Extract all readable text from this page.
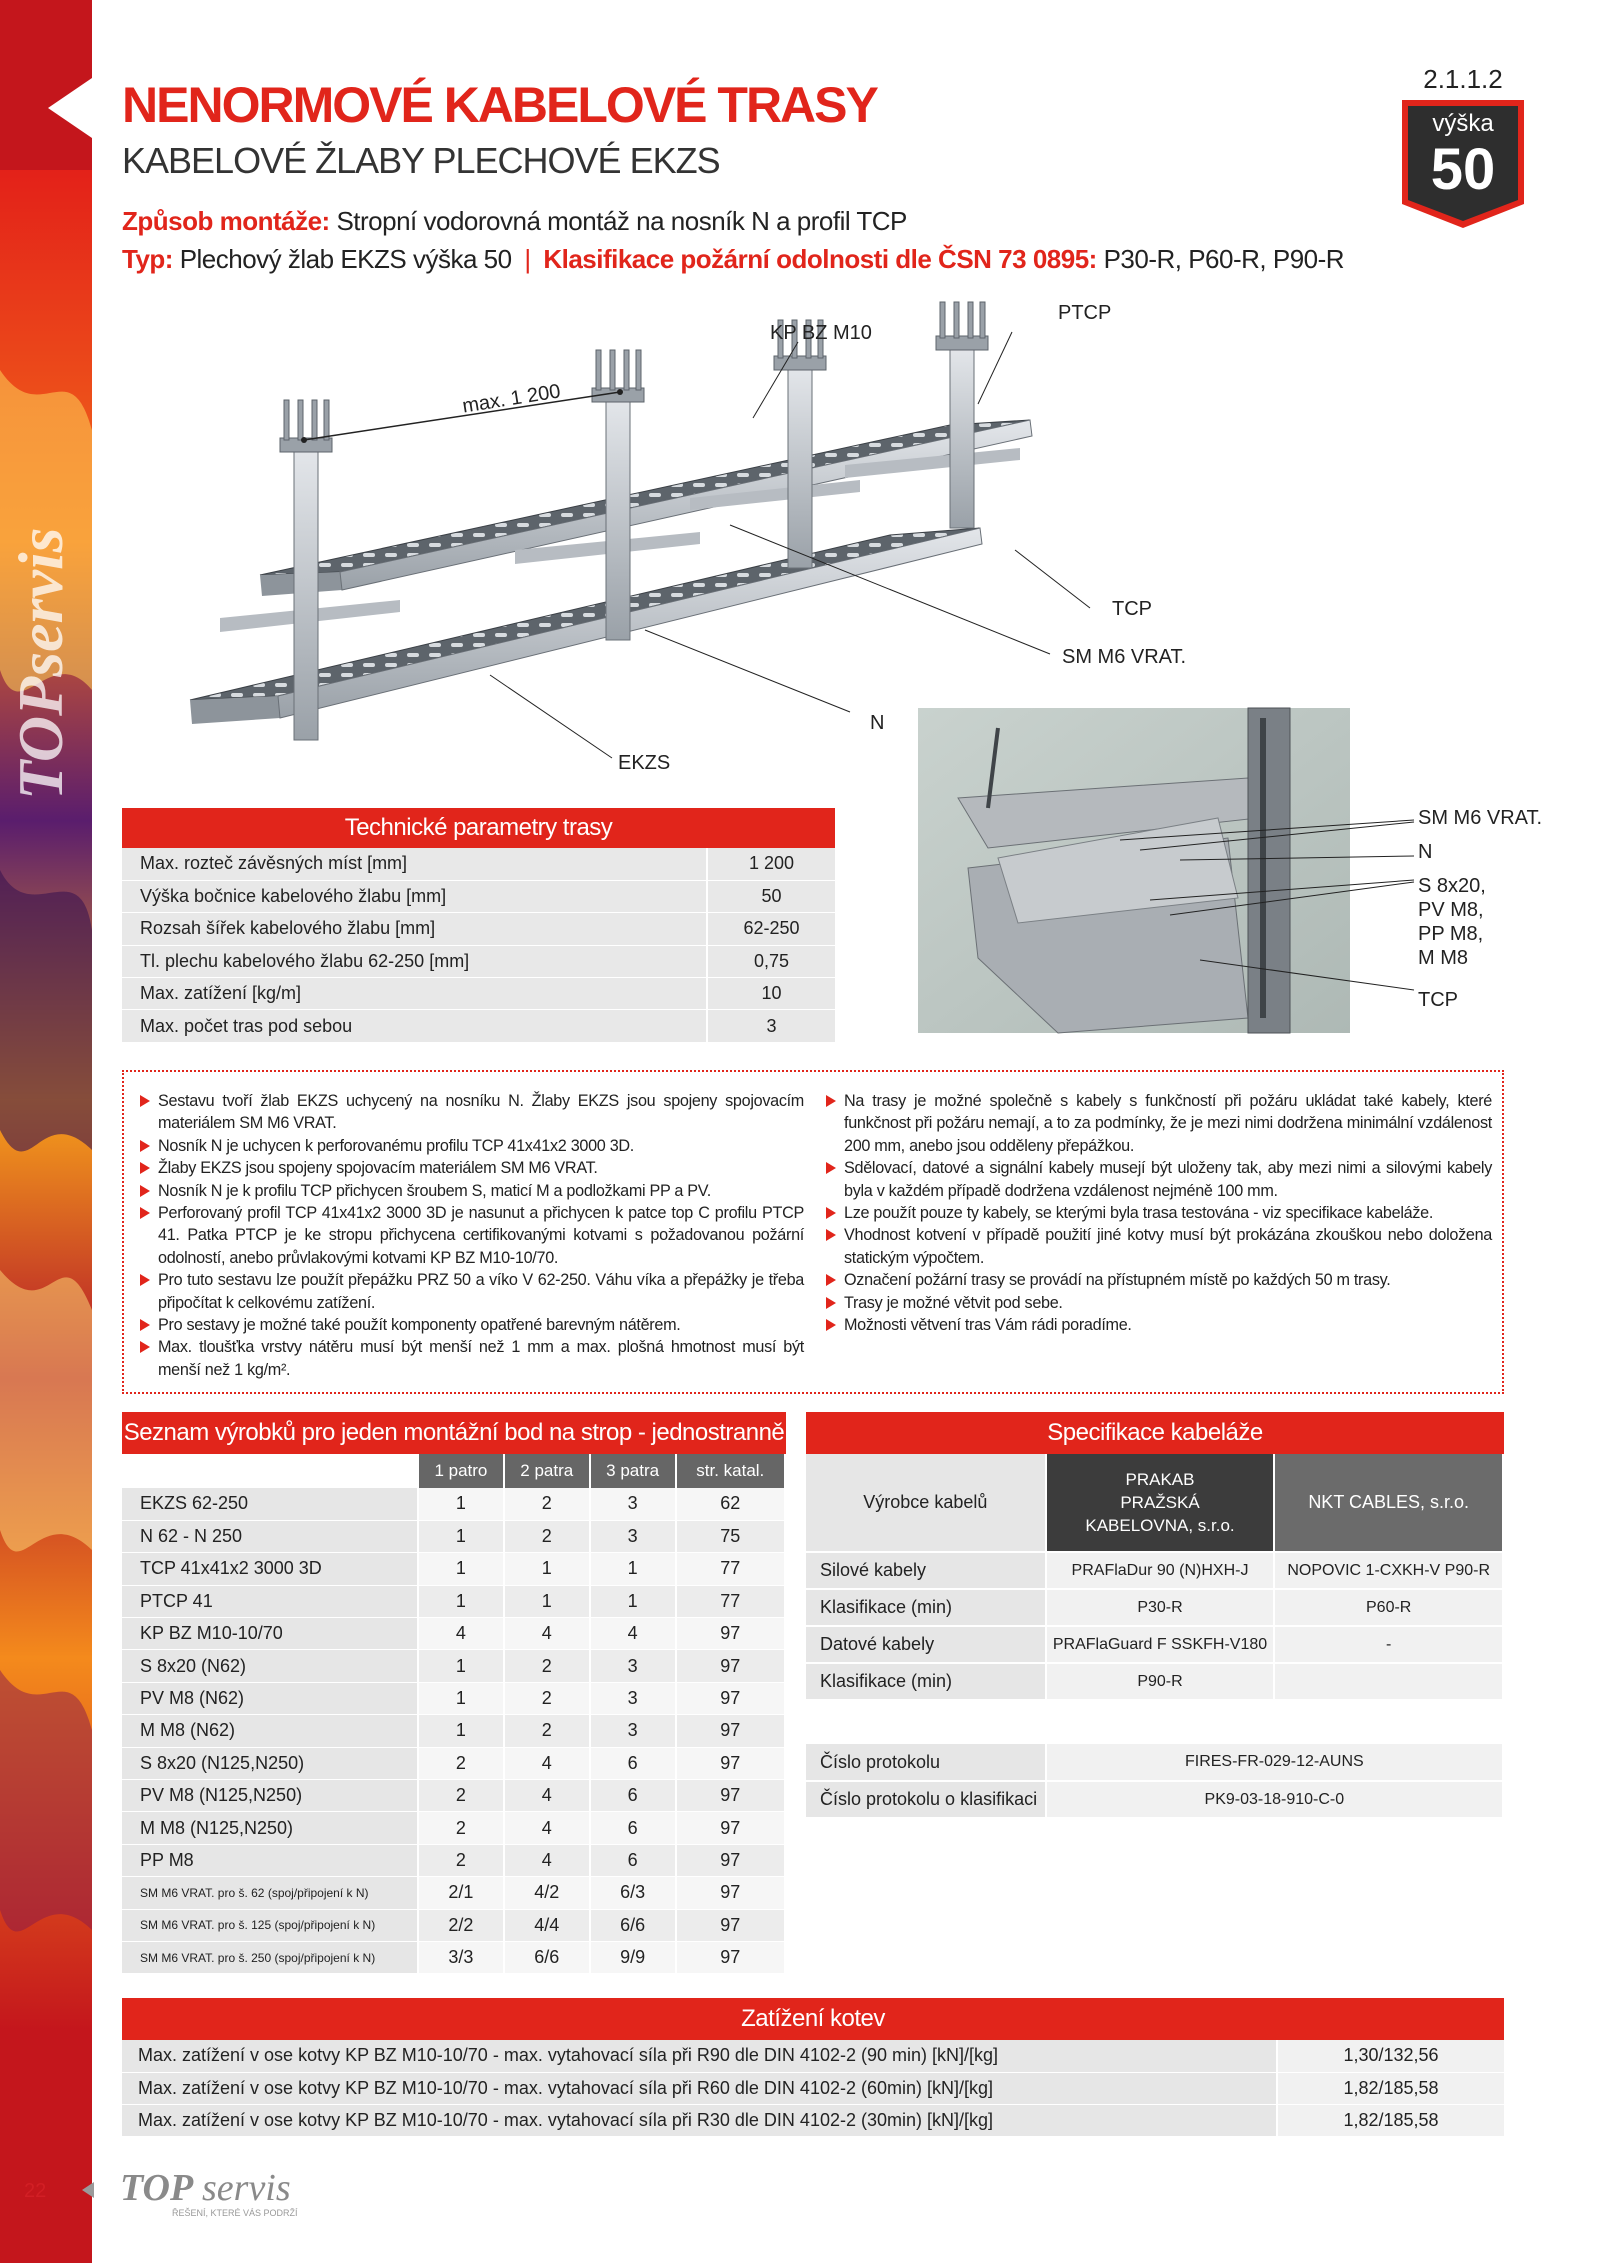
TOPservis
NENORMOVÉ KABELOVÉ TRASY
KABELOVÉ ŽLABY PLECHOVÉ EKZS
Způsob montáže: Stropní vodorovná montáž na nosník N a profil TCP
Typ: Plechový žlab EKZS výška 50 | Klasifikace požární odolnosti dle ČSN 73 0895: P30-R, P60-R, P90-R
2.1.1.2
výška
50
KP BZ M10
PTCP
max. 1 200
TCP
SM M6 VRAT.
N
EKZS
SM M6 VRAT.
N
S 8x20,
PV M8,
PP M8,
M M8
TCP
Technické parametry trasy
Max. rozteč závěsných míst [mm]	1 200
Výška bočnice kabelového žlabu [mm]	50
Rozsah šířek kabelového žlabu [mm]	62-250
Tl. plechu kabelového žlabu 62-250 [mm]	0,75
Max. zatížení [kg/m]	10
Max. počet tras pod sebou	3
Sestavu tvoří žlab EKZS uchycený na nosníku N. Žlaby EKZS jsou spojeny spojovacím materiálem SM M6 VRAT.
Nosník N je uchycen k perforovanému profilu TCP 41x41x2 3000 3D.
Žlaby EKZS jsou spojeny spojovacím materiálem SM M6 VRAT.
Nosník N je k profilu TCP přichycen šroubem S, maticí M a podložkami PP a PV.
Perforovaný profil TCP 41x41x2 3000 3D je nasunut a přichycen k patce top C profilu PTCP 41. Patka PTCP je ke stropu přichycena certifikovanými kotvami s požadovanou požární odolností, anebo průvlakovými kotvami KP BZ M10-10/70.
Pro tuto sestavu lze použít přepážku PRZ 50 a víko V 62-250. Váhu víka a přepážky je třeba připočítat k celkovému zatížení.
Pro sestavy je možné také použít komponenty opatřené barevným nátěrem.
Max. tloušťka vrstvy nátěru musí být menší než 1 mm a max. plošná hmotnost musí být menší než 1 kg/m².
Na trasy je možné společně s kabely s funkčností při požáru ukládat také kabely, které funkčnost při požáru nemají, a to za podmínky, že je mezi nimi dodržena minimální vzdálenost 200 mm, anebo jsou odděleny přepážkou.
Sdělovací, datové a signální kabely musejí být uloženy tak, aby mezi nimi a silovými kabely byla v každém případě dodržena vzdálenost nejméně 100 mm.
Lze použít pouze ty kabely, se kterými byla trasa testována - viz specifikace kabeláže.
Vhodnost kotvení v případě použití jiné kotvy musí být prokázána zkouškou nebo doložena statickým výpočtem.
Označení požární trasy se provádí na přístupném místě po každých 50 m trasy.
Trasy je možné větvit pod sebe.
Možnosti větvení tras Vám rádi poradíme.
Seznam výrobků pro jeden montážní bod na strop - jednostranně
	1 patro	2 patra	3 patra	str. katal.
EKZS 62-250	1	2	3	62
N 62 - N 250	1	2	3	75
TCP 41x41x2 3000 3D	1	1	1	77
PTCP 41	1	1	1	77
KP BZ M10-10/70	4	4	4	97
S 8x20 (N62)	1	2	3	97
PV M8 (N62)	1	2	3	97
M M8 (N62)	1	2	3	97
S 8x20 (N125,N250)	2	4	6	97
PV M8 (N125,N250)	2	4	6	97
M M8 (N125,N250)	2	4	6	97
PP M8	2	4	6	97
SM M6 VRAT. pro š. 62 (spoj/připojení k N)	2/1	4/2	6/3	97
SM M6 VRAT. pro š. 125 (spoj/připojení k N)	2/2	4/4	6/6	97
SM M6 VRAT. pro š. 250 (spoj/připojení k N)	3/3	6/6	9/9	97
Specifikace kabeláže
Výrobce kabelů	PRAKAB
PRAŽSKÁ
KABELOVNA, s.r.o.	NKT CABLES, s.r.o.
Silové kabely	PRAFlaDur 90 (N)HXH-J	NOPOVIC 1-CXKH-V P90-R
Klasifikace (min)	P30-R	P60-R
Datové kabely	PRAFlaGuard F SSKFH-V180	-
Klasifikace (min)	P90-R	

Číslo protokolu	FIRES-FR-029-12-AUNS	
Číslo protokolu o klasifikaci	PK9-03-18-910-C-0	
Zatížení kotev
Max. zatížení v ose kotvy KP BZ M10-10/70 - max. vytahovací síla při R90 dle DIN 4102-2 (90 min) [kN]/[kg]	1,30/132,56
Max. zatížení v ose kotvy KP BZ M10-10/70 - max. vytahovací síla při R60 dle DIN 4102-2 (60min) [kN]/[kg]	1,82/185,58
Max. zatížení v ose kotvy KP BZ M10-10/70 - max. vytahovací síla při R30 dle DIN 4102-2 (30min) [kN]/[kg]	1,82/185,58
22 TOP servis
ŘEŠENÍ, KTERÉ VÁS PODRŽÍ
